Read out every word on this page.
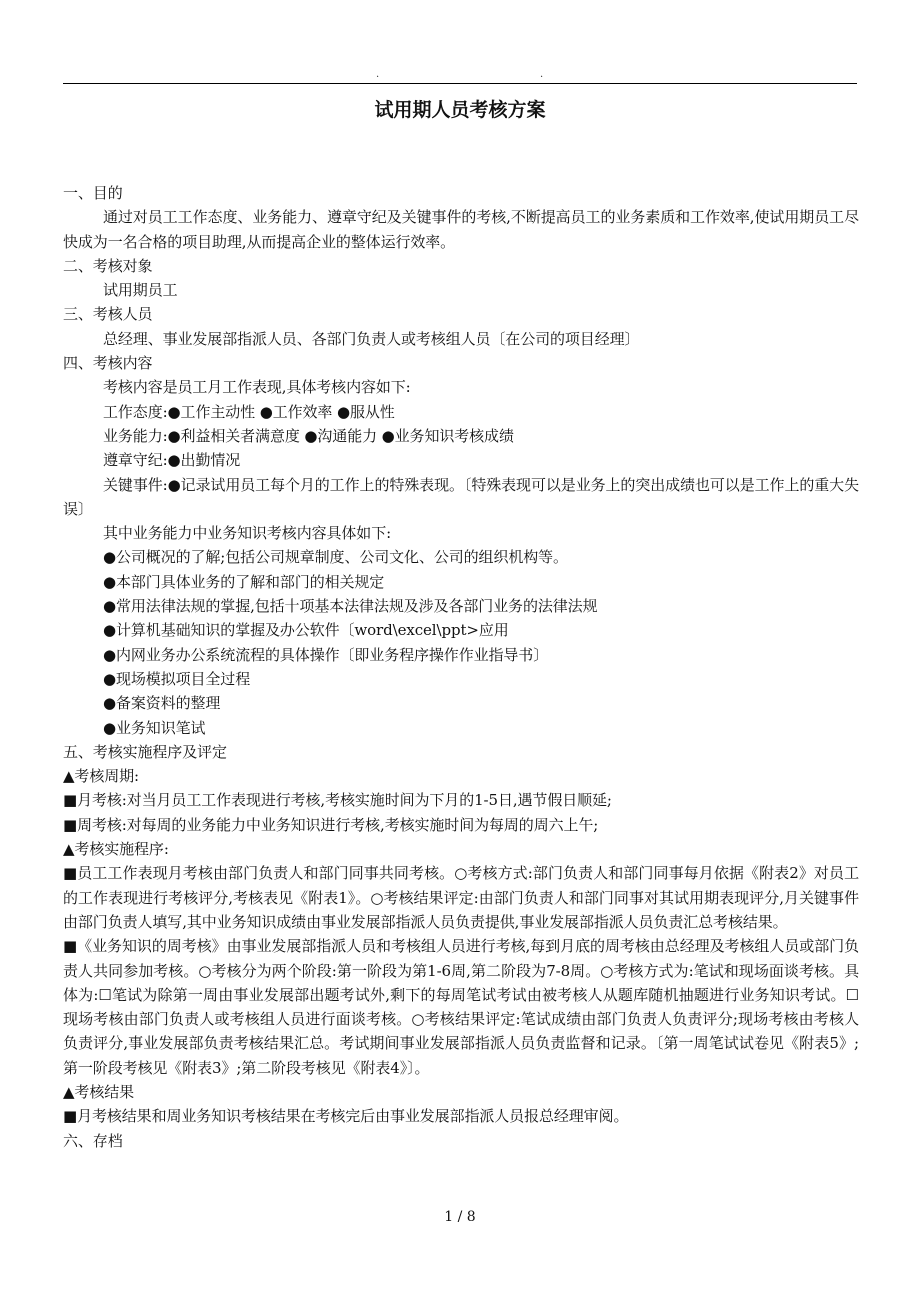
.	.
试用期人员考核方案
一、目的
通过对员工工作态度、业务能力、遵章守纪及关键事件的考核,不断提高员工的业务素质和工作效率,使试用期员工尽快成为一名合格的项目助理,从而提高企业的整体运行效率。
二、考核对象
试用期员工
三、考核人员
总经理、事业发展部指派人员、各部门负责人或考核组人员〔在公司的项目经理〕
四、考核内容
考核内容是员工月工作表现,具体考核内容如下:
工作态度:●工作主动性 ●工作效率 ●服从性
业务能力:●利益相关者满意度 ●沟通能力 ●业务知识考核成绩
遵章守纪:●出勤情况
关键事件:●记录试用员工每个月的工作上的特殊表现。〔特殊表现可以是业务上的突出成绩也可以是工作上的重大失误〕
其中业务能力中业务知识考核内容具体如下:
●公司概况的了解;包括公司规章制度、公司文化、公司的组织机构等。
●本部门具体业务的了解和部门的相关规定
●常用法律法规的掌握,包括十项基本法律法规及涉及各部门业务的法律法规
●计算机基础知识的掌握及办公软件〔word\excel\ppt>应用
●内网业务办公系统流程的具体操作〔即业务程序操作作业指导书〕
●现场模拟项目全过程
●备案资料的整理
●业务知识笔试
五、考核实施程序及评定
▲考核周期:
■月考核:对当月员工工作表现进行考核,考核实施时间为下月的1-5日,遇节假日顺延;
■周考核:对每周的业务能力中业务知识进行考核,考核实施时间为每周的周六上午;
▲考核实施程序:
■员工工作表现月考核由部门负责人和部门同事共同考核。○考核方式:部门负责人和部门同事每月依据《附表2》对员工的工作表现进行考核评分,考核表见《附表1》。○考核结果评定:由部门负责人和部门同事对其试用期表现评分,月关键事件由部门负责人填写,其中业务知识成绩由事业发展部指派人员负责提供,事业发展部指派人员负责汇总考核结果。
■《业务知识的周考核》由事业发展部指派人员和考核组人员进行考核,每到月底的周考核由总经理及考核组人员或部门负责人共同参加考核。○考核分为两个阶段:第一阶段为第1-6周,第二阶段为7-8周。○考核方式为:笔试和现场面谈考核。具体为:☐笔试为除第一周由事业发展部出题考试外,剩下的每周笔试考试由被考核人从题库随机抽题进行业务知识考试。☐现场考核由部门负责人或考核组人员进行面谈考核。○考核结果评定:笔试成绩由部门负责人负责评分;现场考核由考核人负责评分,事业发展部负责考核结果汇总。考试期间事业发展部指派人员负责监督和记录。〔第一周笔试试卷见《附表5》;第一阶段考核见《附表3》;第二阶段考核见《附表4》〕。
▲考核结果
■月考核结果和周业务知识考核结果在考核完后由事业发展部指派人员报总经理审阅。
六、存档
1 / 8
